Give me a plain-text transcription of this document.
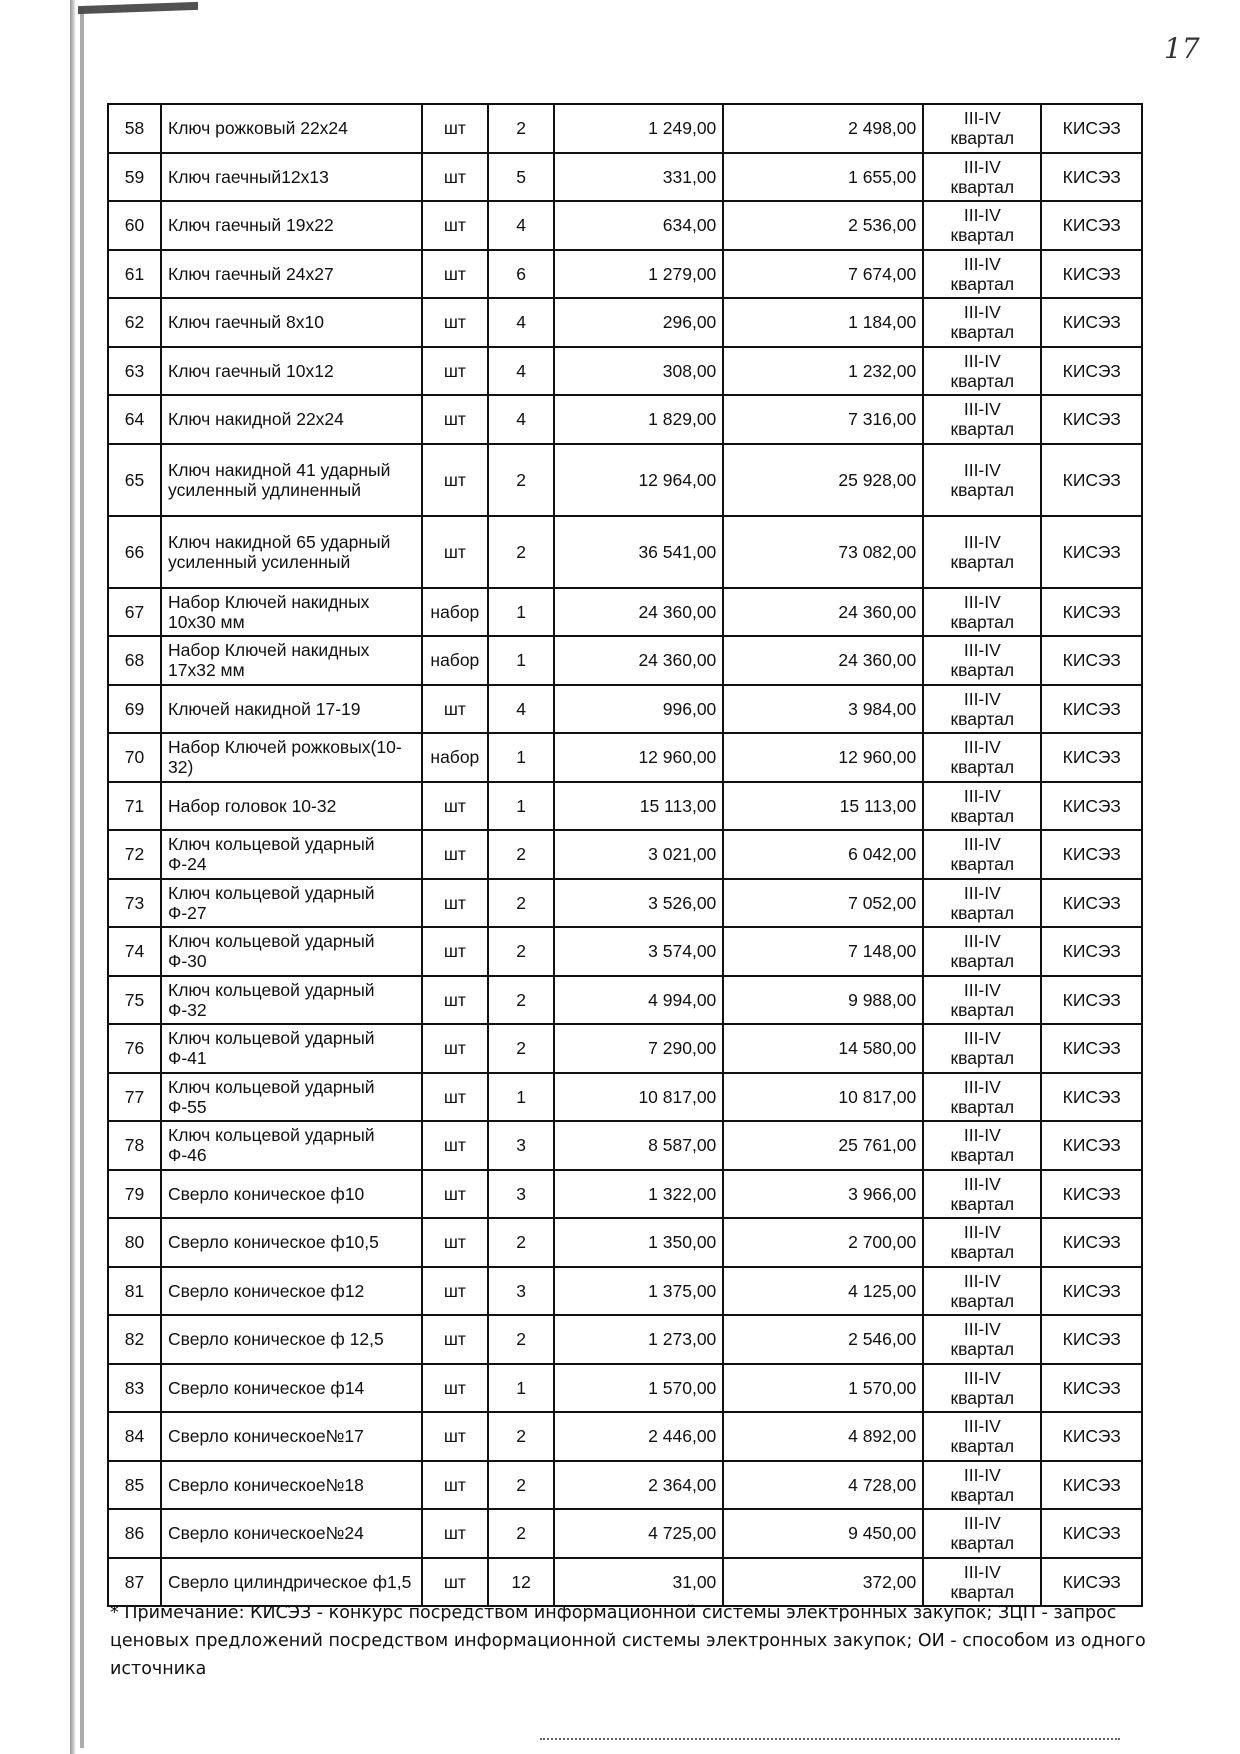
17
58	Ключ рожковый 22х24	шт	2	1 249,00	2 498,00	III-IV квартал	КИСЭЗ
59	Ключ гаечный12х13	шт	5	331,00	1 655,00	III-IV квартал	КИСЭЗ
60	Ключ гаечный 19х22	шт	4	634,00	2 536,00	III-IV квартал	КИСЭЗ
61	Ключ гаечный 24х27	шт	6	1 279,00	7 674,00	III-IV квартал	КИСЭЗ
62	Ключ гаечный 8х10	шт	4	296,00	1 184,00	III-IV квартал	КИСЭЗ
63	Ключ гаечный 10х12	шт	4	308,00	1 232,00	III-IV квартал	КИСЭЗ
64	Ключ накидной 22х24	шт	4	1 829,00	7 316,00	III-IV квартал	КИСЭЗ
65	Ключ накидной 41 ударный усиленный удлиненный	шт	2	12 964,00	25 928,00	III-IV квартал	КИСЭЗ
66	Ключ накидной 65 ударный усиленный усиленный	шт	2	36 541,00	73 082,00	III-IV квартал	КИСЭЗ
67	Набор Ключей накидных 10х30 мм	набор	1	24 360,00	24 360,00	III-IV квартал	КИСЭЗ
68	Набор Ключей накидных 17х32 мм	набор	1	24 360,00	24 360,00	III-IV квартал	КИСЭЗ
69	Ключей накидной 17-19	шт	4	996,00	3 984,00	III-IV квартал	КИСЭЗ
70	Набор Ключей рожковых(10-32)	набор	1	12 960,00	12 960,00	III-IV квартал	КИСЭЗ
71	Набор головок 10-32	шт	1	15 113,00	15 113,00	III-IV квартал	КИСЭЗ
72	Ключ кольцевой ударный Ф-24	шт	2	3 021,00	6 042,00	III-IV квартал	КИСЭЗ
73	Ключ кольцевой ударный Ф-27	шт	2	3 526,00	7 052,00	III-IV квартал	КИСЭЗ
74	Ключ кольцевой ударный Ф-30	шт	2	3 574,00	7 148,00	III-IV квартал	КИСЭЗ
75	Ключ кольцевой ударный Ф-32	шт	2	4 994,00	9 988,00	III-IV квартал	КИСЭЗ
76	Ключ кольцевой ударный Ф-41	шт	2	7 290,00	14 580,00	III-IV квартал	КИСЭЗ
77	Ключ кольцевой ударный Ф-55	шт	1	10 817,00	10 817,00	III-IV квартал	КИСЭЗ
78	Ключ кольцевой ударный Ф-46	шт	3	8 587,00	25 761,00	III-IV квартал	КИСЭЗ
79	Сверло коническое ф10	шт	3	1 322,00	3 966,00	III-IV квартал	КИСЭЗ
80	Сверло коническое ф10,5	шт	2	1 350,00	2 700,00	III-IV квартал	КИСЭЗ
81	Сверло коническое ф12	шт	3	1 375,00	4 125,00	III-IV квартал	КИСЭЗ
82	Сверло коническое ф 12,5	шт	2	1 273,00	2 546,00	III-IV квартал	КИСЭЗ
83	Сверло коническое ф14	шт	1	1 570,00	1 570,00	III-IV квартал	КИСЭЗ
84	Сверло коническое№17	шт	2	2 446,00	4 892,00	III-IV квартал	КИСЭЗ
85	Сверло коническое№18	шт	2	2 364,00	4 728,00	III-IV квартал	КИСЭЗ
86	Сверло коническое№24	шт	2	4 725,00	9 450,00	III-IV квартал	КИСЭЗ
87	Сверло цилиндрическое ф1,5	шт	12	31,00	372,00	III-IV квартал	КИСЭЗ

* Примечание: КИСЭЗ - конкурс посредством информационной системы электронных закупок; ЗЦП - запрос ценовых предложений посредством информационной системы электронных закупок; ОИ - способом из одного источника
